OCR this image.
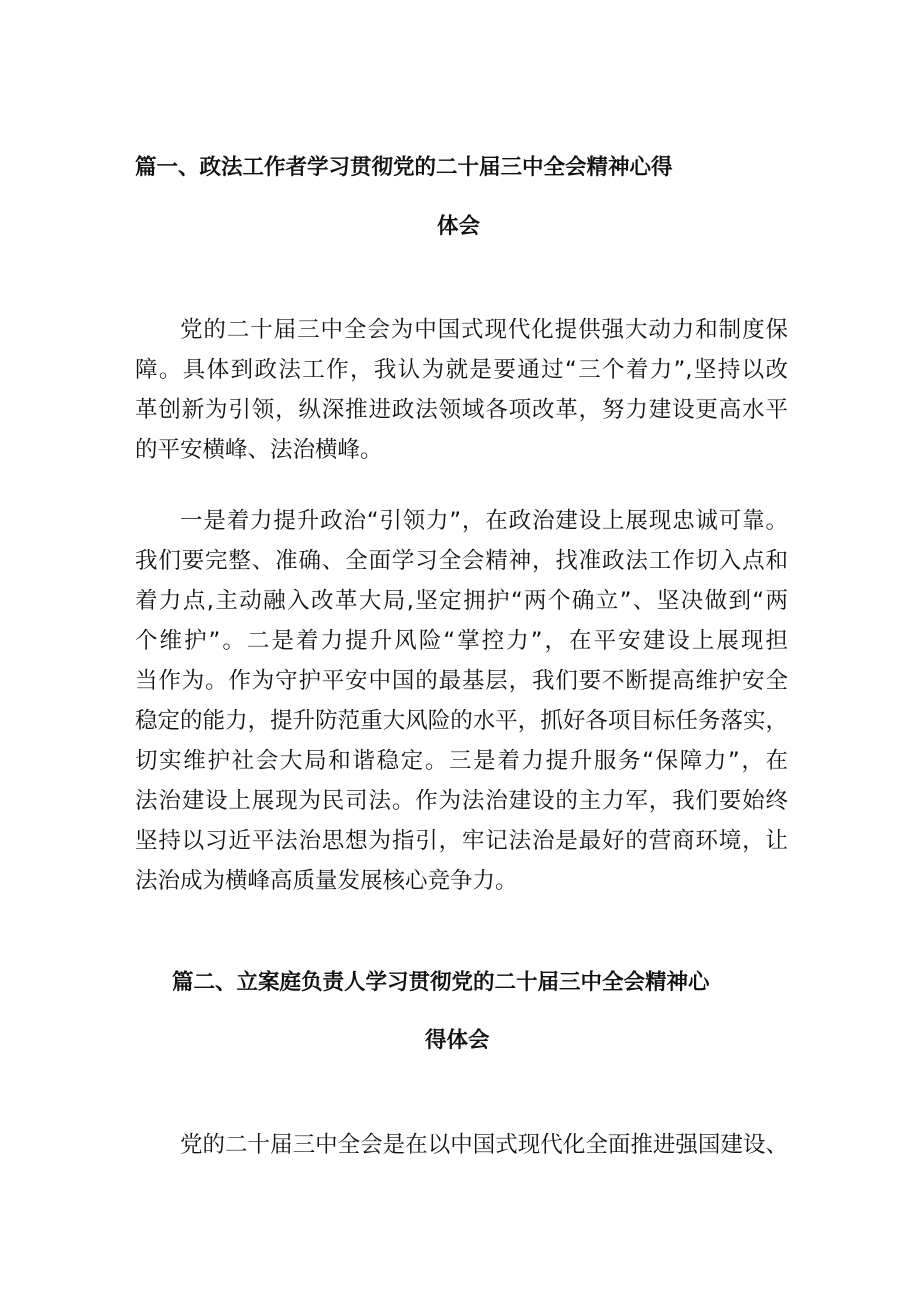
篇一、政法工作者学习贯彻党的二十届三中全会精神心得
体会
党的二十届三中全会为中国式现代化提供强大动力和制度保
障。具体到政法工作，我认为就是要通过“三个着力”,坚持以改
革创新为引领，纵深推进政法领域各项改革，努力建设更高水平
的平安横峰、法治横峰。
一是着力提升政治“引领力”，在政治建设上展现忠诚可靠。
我们要完整、准确、全面学习全会精神，找准政法工作切入点和
着力点,主动融入改革大局,坚定拥护“两个确立”、坚决做到“两
个维护”。二是着力提升风险“掌控力”，在平安建设上展现担
当作为。作为守护平安中国的最基层，我们要不断提高维护安全
稳定的能力，提升防范重大风险的水平，抓好各项目标任务落实，
切实维护社会大局和谐稳定。三是着力提升服务“保障力”，在
法治建设上展现为民司法。作为法治建设的主力军，我们要始终
坚持以习近平法治思想为指引，牢记法治是最好的营商环境，让
法治成为横峰高质量发展核心竞争力。
篇二、立案庭负责人学习贯彻党的二十届三中全会精神心
得体会
党的二十届三中全会是在以中国式现代化全面推进强国建设、
